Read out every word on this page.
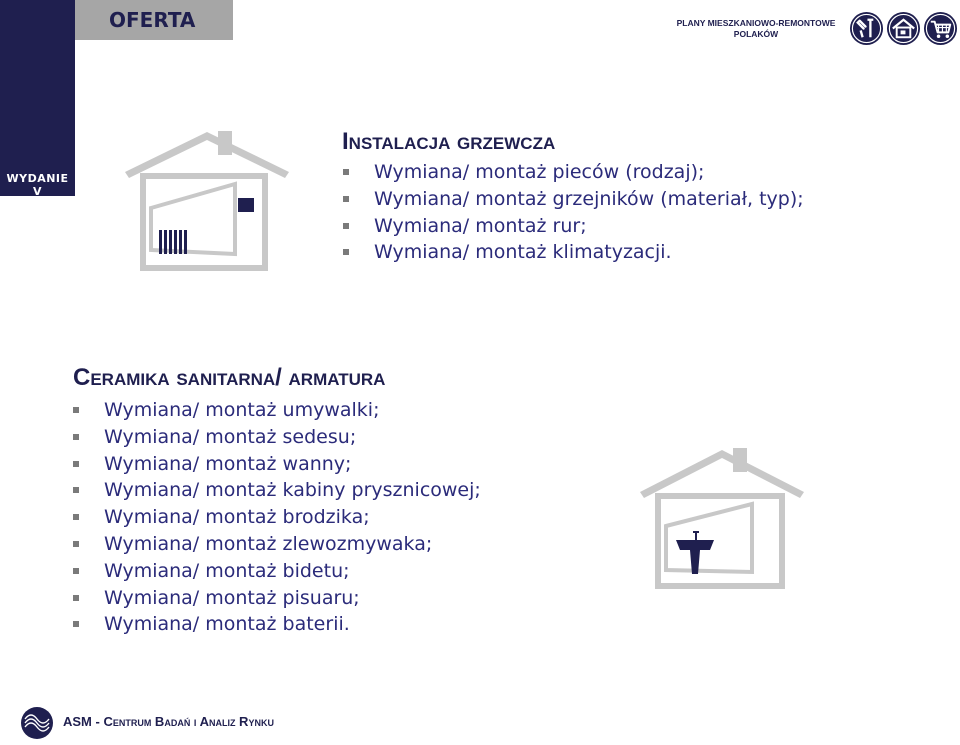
WYDANIE V
OFERTA	PLANY MIESZKANIOWO-REMONTOWE
POLAKÓW
Instalacja grzewcza
Wymiana/ montaż pieców (rodzaj);
Wymiana/ montaż grzejników (materiał, typ);
Wymiana/ montaż rur;
Wymiana/ montaż klimatyzacji.
Ceramika sanitarna/ armatura
Wymiana/ montaż umywalki;
Wymiana/ montaż sedesu;
Wymiana/ montaż wanny;
Wymiana/ montaż kabiny prysznicowej;
Wymiana/ montaż brodzika;
Wymiana/ montaż zlewozmywaka;
Wymiana/ montaż bidetu;
Wymiana/ montaż pisuaru;
Wymiana/ montaż baterii.
ASM - Centrum Badań i Analiz Rynku
